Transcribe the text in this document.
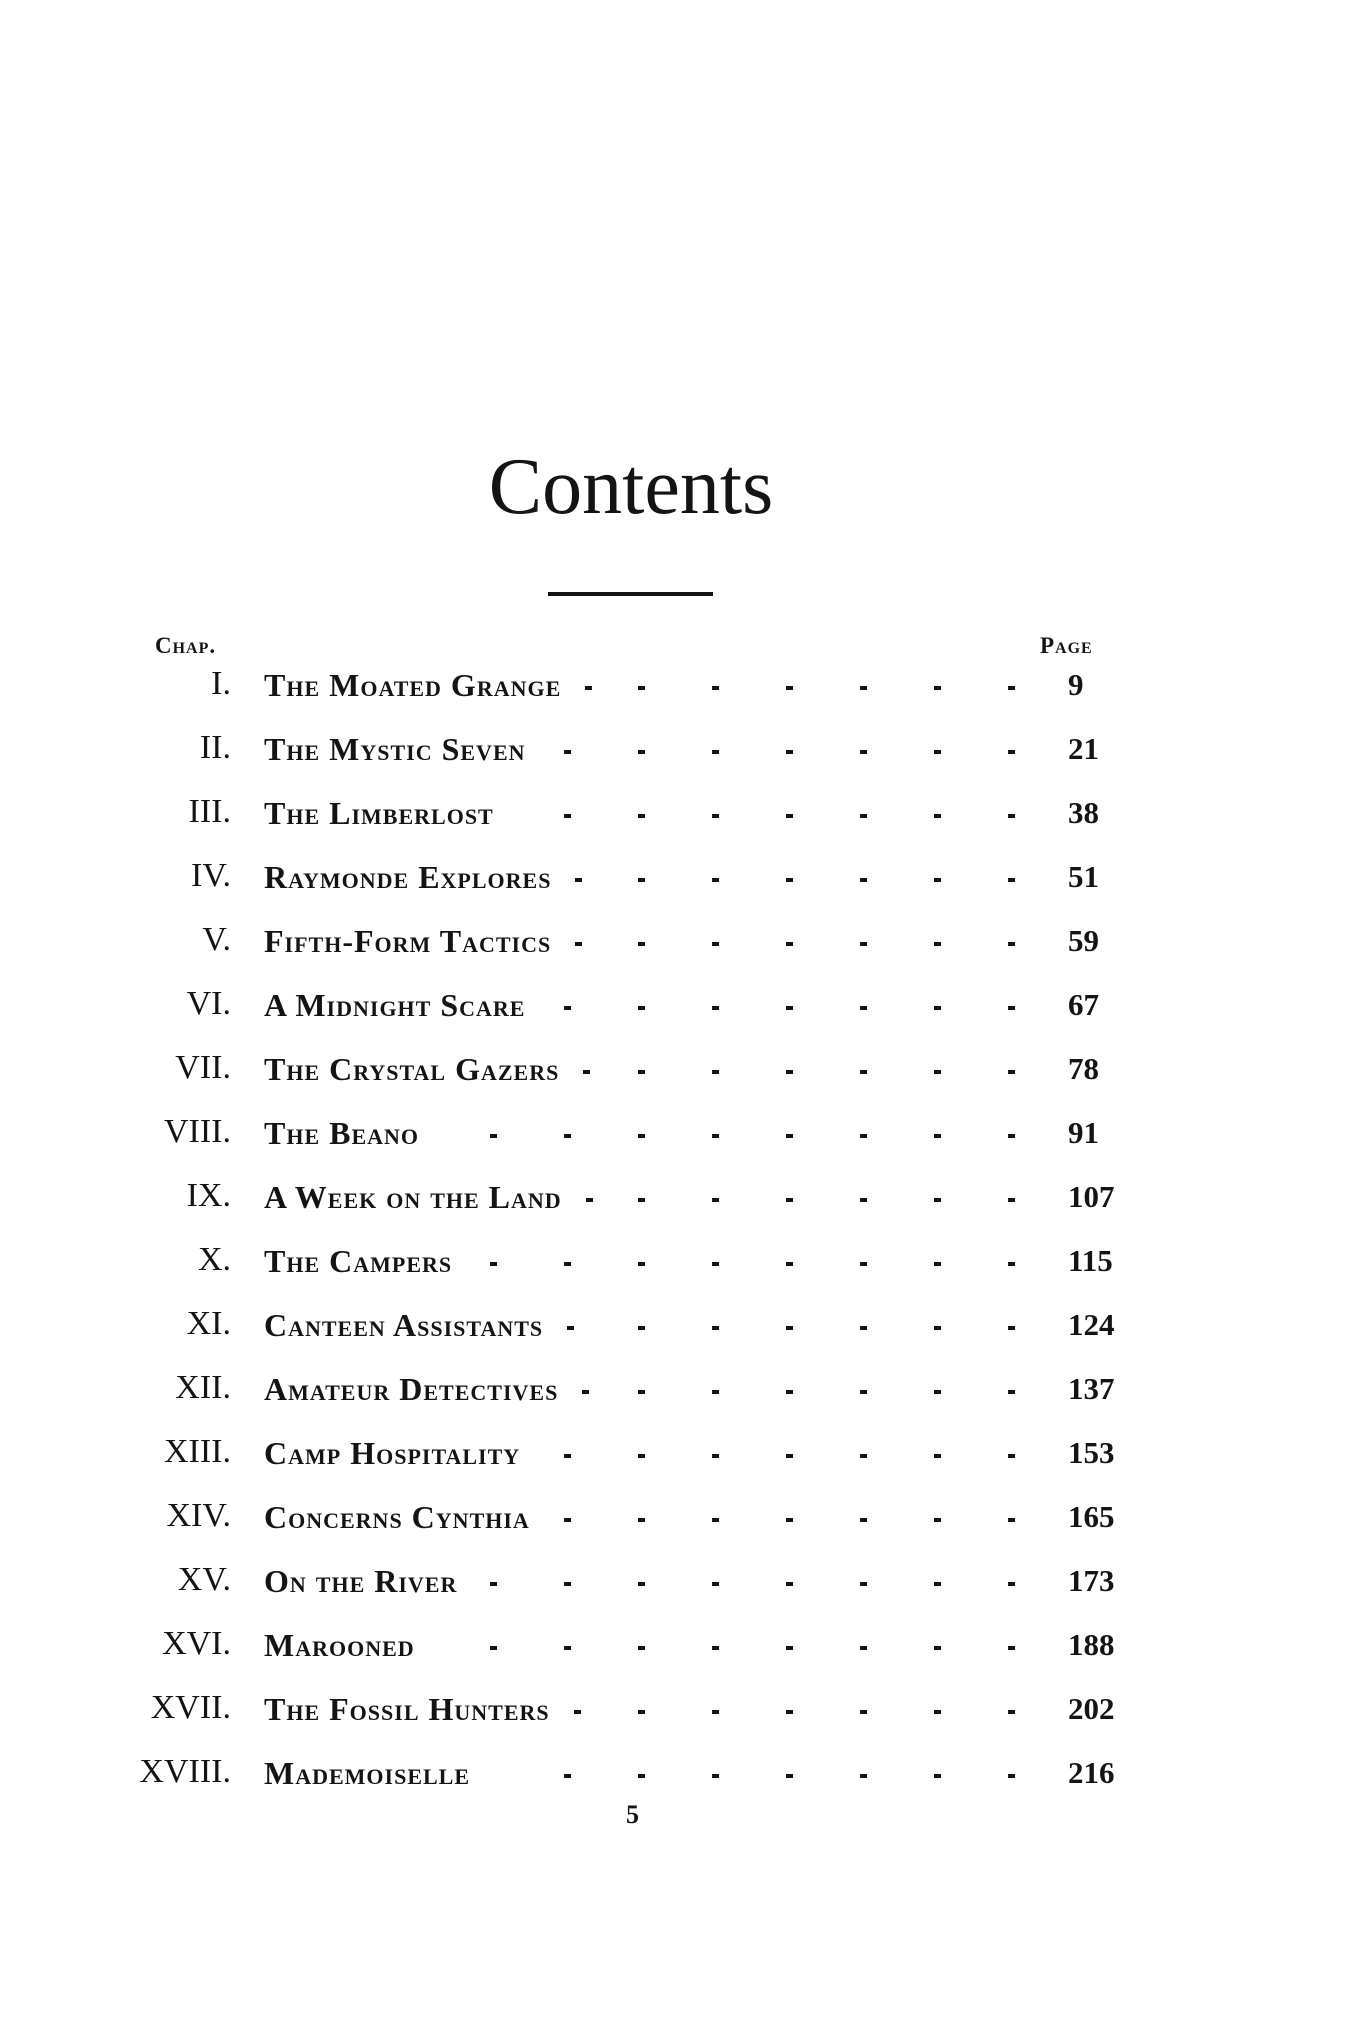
Contents
Chap.	Page
I. The Moated Grange	9
II. The Mystic Seven	21
III. The Limberlost	38
IV. Raymonde Explores	51
V. Fifth-Form Tactics	59
VI. A Midnight Scare	67
VII. The Crystal Gazers	78
VIII. The Beano	91
IX. A Week on the Land	107
X. The Campers	115
XI. Canteen Assistants	124
XII. Amateur Detectives	137
XIII. Camp Hospitality	153
XIV. Concerns Cynthia	165
XV. On the River	173
XVI. Marooned	188
XVII. The Fossil Hunters	202
XVIII. Mademoiselle	216
5
